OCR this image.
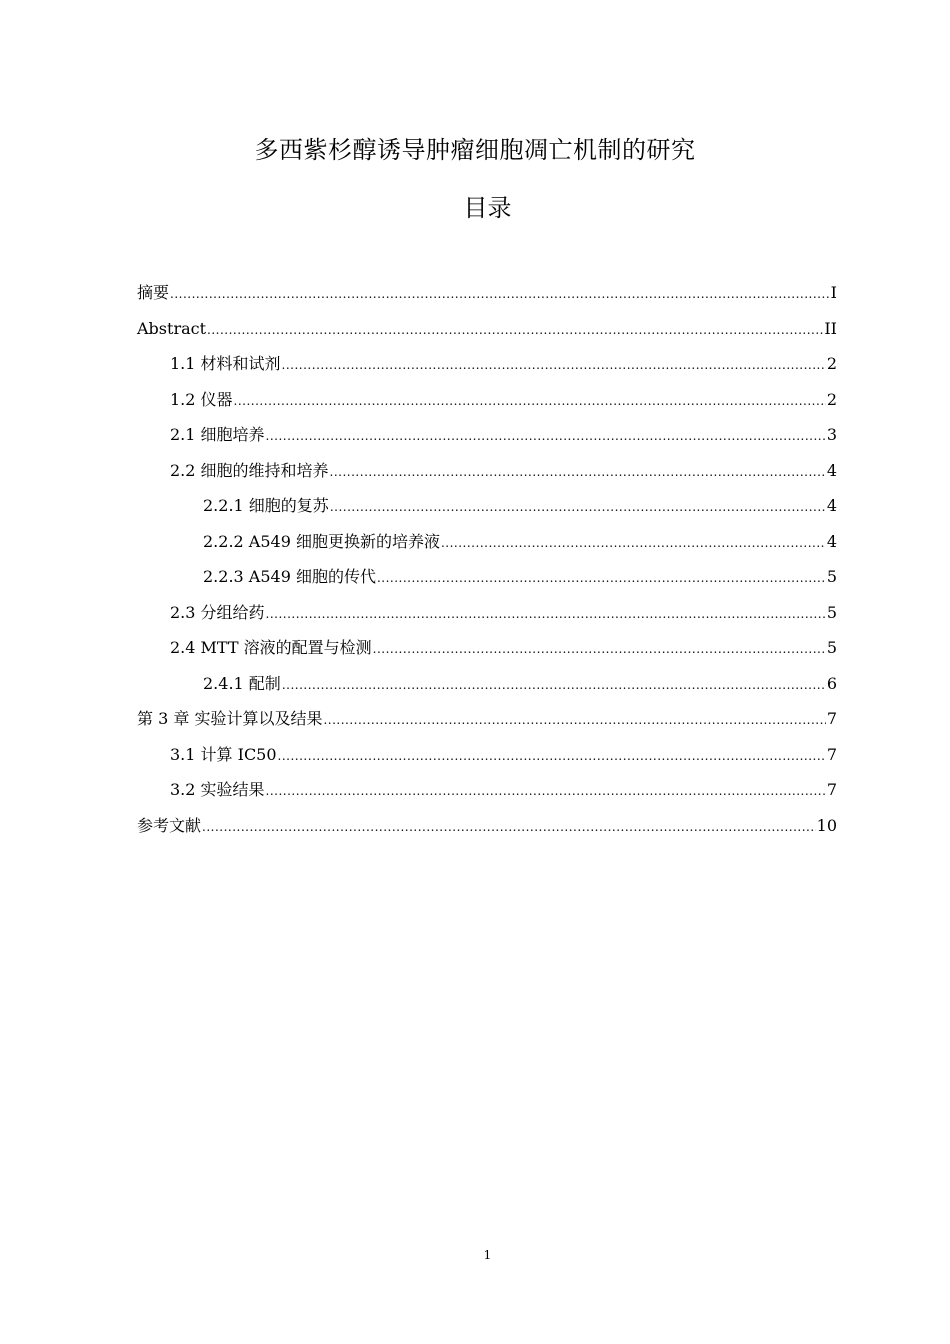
多西紫杉醇诱导肿瘤细胞凋亡机制的研究
目录
摘要 .....	I
Abstract .....	II
1.1 材料和试剂 .....	2
1.2 仪器 .....	2
2.1 细胞培养 .....	3
2.2 细胞的维持和培养 .....	4
2.2.1 细胞的复苏 .....	4
2.2.2 A549 细胞更换新的培养液 .....	4
2.2.3 A549 细胞的传代 .....	5
2.3 分组给药 .....	5
2.4 MTT 溶液的配置与检测 .....	5
2.4.1 配制 .....	6
第 3 章 实验计算以及结果 .....	7
3.1 计算 IC50 .....	7
3.2 实验结果 .....	7
参考文献 .....	10
1
